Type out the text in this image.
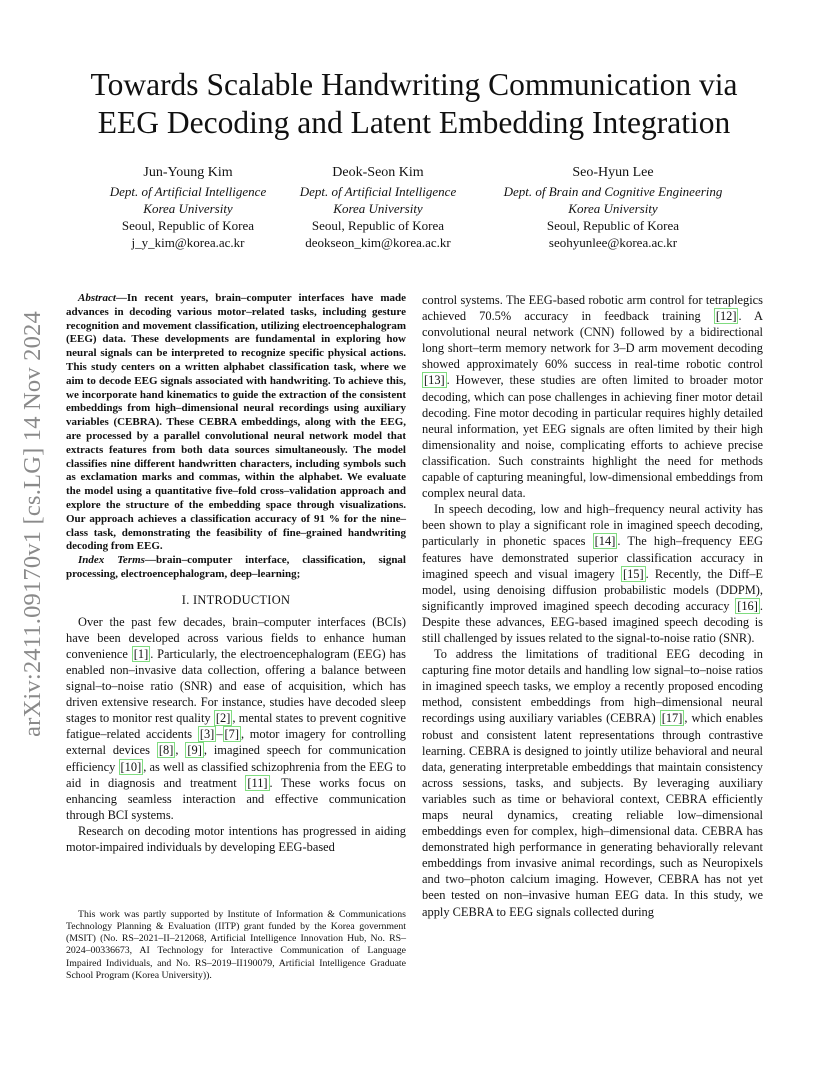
arXiv:2411.09170v1 [cs.LG] 14 Nov 2024
Towards Scalable Handwriting Communication via
EEG Decoding and Latent Embedding Integration
Jun-Young Kim
Dept. of Artificial Intelligence
Korea University
Seoul, Republic of Korea
j_y_kim@korea.ac.kr
Deok-Seon Kim
Dept. of Artificial Intelligence
Korea University
Seoul, Republic of Korea
deokseon_kim@korea.ac.kr
Seo-Hyun Lee
Dept. of Brain and Cognitive Engineering
Korea University
Seoul, Republic of Korea
seohyunlee@korea.ac.kr

Abstract—In recent years, brain–computer interfaces have made advances in decoding various motor–related tasks, including gesture recognition and movement classification, utilizing electroencephalogram (EEG) data. These developments are fundamental in exploring how neural signals can be interpreted to recognize specific physical actions. This study centers on a written alphabet classification task, where we aim to decode EEG signals associated with handwriting. To achieve this, we incorporate hand kinematics to guide the extraction of the consistent embeddings from high–dimensional neural recordings using auxiliary variables (CEBRA). These CEBRA embeddings, along with the EEG, are processed by a parallel convolutional neural network model that extracts features from both data sources simultaneously. The model classifies nine different handwritten characters, including symbols such as exclamation marks and commas, within the alphabet. We evaluate the model using a quantitative five–fold cross–validation approach and explore the structure of the embedding space through visualizations. Our approach achieves a classification accuracy of 91 % for the nine–class task, demonstrating the feasibility of fine–grained handwriting decoding from EEG.

Index Terms—brain–computer interface, classification, signal processing, electroencephalogram, deep–learning;

I. INTRODUCTION

Over the past few decades, brain–computer interfaces (BCIs) have been developed across various fields to enhance human convenience [1] . Particularly, the electroencephalogram (EEG) has enabled non–invasive data collection, offering a balance between signal–to–noise ratio (SNR) and ease of acquisition, which has driven extensive research. For instance, studies have decoded sleep stages to monitor rest quality [2] , mental states to prevent cognitive fatigue–related accidents [3] – [7] , motor imagery for controlling external devices [8] , [9] , imagined speech for communication efficiency [10] , as well as classified schizophrenia from the EEG to aid in diagnosis and treatment [11] . These works focus on enhancing seamless interaction and effective communication through BCI systems.

Research on decoding motor intentions has progressed in aiding motor-impaired individuals by developing EEG-based

This work was partly supported by Institute of Information & Communications Technology Planning & Evaluation (IITP) grant funded by the Korea government (MSIT) (No. RS–2021–II–212068, Artificial Intelligence Innovation Hub, No. RS–2024–00336673, AI Technology for Interactive Communication of Language Impaired Individuals, and No. RS–2019–II190079, Artificial Intelligence Graduate School Program (Korea University)).

control systems. The EEG-based robotic arm control for tetraplegics achieved 70.5% accuracy in feedback training [12] . A convolutional neural network (CNN) followed by a bidirectional long short–term memory network for 3–D arm movement decoding showed approximately 60% success in real-time robotic control [13] . However, these studies are often limited to broader motor decoding, which can pose challenges in achieving finer motor detail decoding. Fine motor decoding in particular requires highly detailed neural information, yet EEG signals are often limited by their high dimensionality and noise, complicating efforts to achieve precise classification. Such constraints highlight the need for methods capable of capturing meaningful, low-dimensional embeddings from complex neural data.

In speech decoding, low and high–frequency neural activity has been shown to play a significant role in imagined speech decoding, particularly in phonetic spaces [14] . The high–frequency EEG features have demonstrated superior classification accuracy in imagined speech and visual imagery [15] . Recently, the Diff–E model, using denoising diffusion probabilistic models (DDPM), significantly improved imagined speech decoding accuracy [16] . Despite these advances, EEG-based imagined speech decoding is still challenged by issues related to the signal-to-noise ratio (SNR).

To address the limitations of traditional EEG decoding in capturing fine motor details and handling low signal–to–noise ratios in imagined speech tasks, we employ a recently proposed encoding method, consistent embeddings from high–dimensional neural recordings using auxiliary variables (CEBRA) [17] , which enables robust and consistent latent representations through contrastive learning. CEBRA is designed to jointly utilize behavioral and neural data, generating interpretable embeddings that maintain consistency across sessions, tasks, and subjects. By leveraging auxiliary variables such as time or behavioral context, CEBRA efficiently maps neural dynamics, creating reliable low–dimensional embeddings even for complex, high–dimensional data. CEBRA has demonstrated high performance in generating behaviorally relevant embeddings from invasive animal recordings, such as Neuropixels and two–photon calcium imaging. However, CEBRA has not yet been tested on non–invasive human EEG data. In this study, we apply CEBRA to EEG signals collected during
